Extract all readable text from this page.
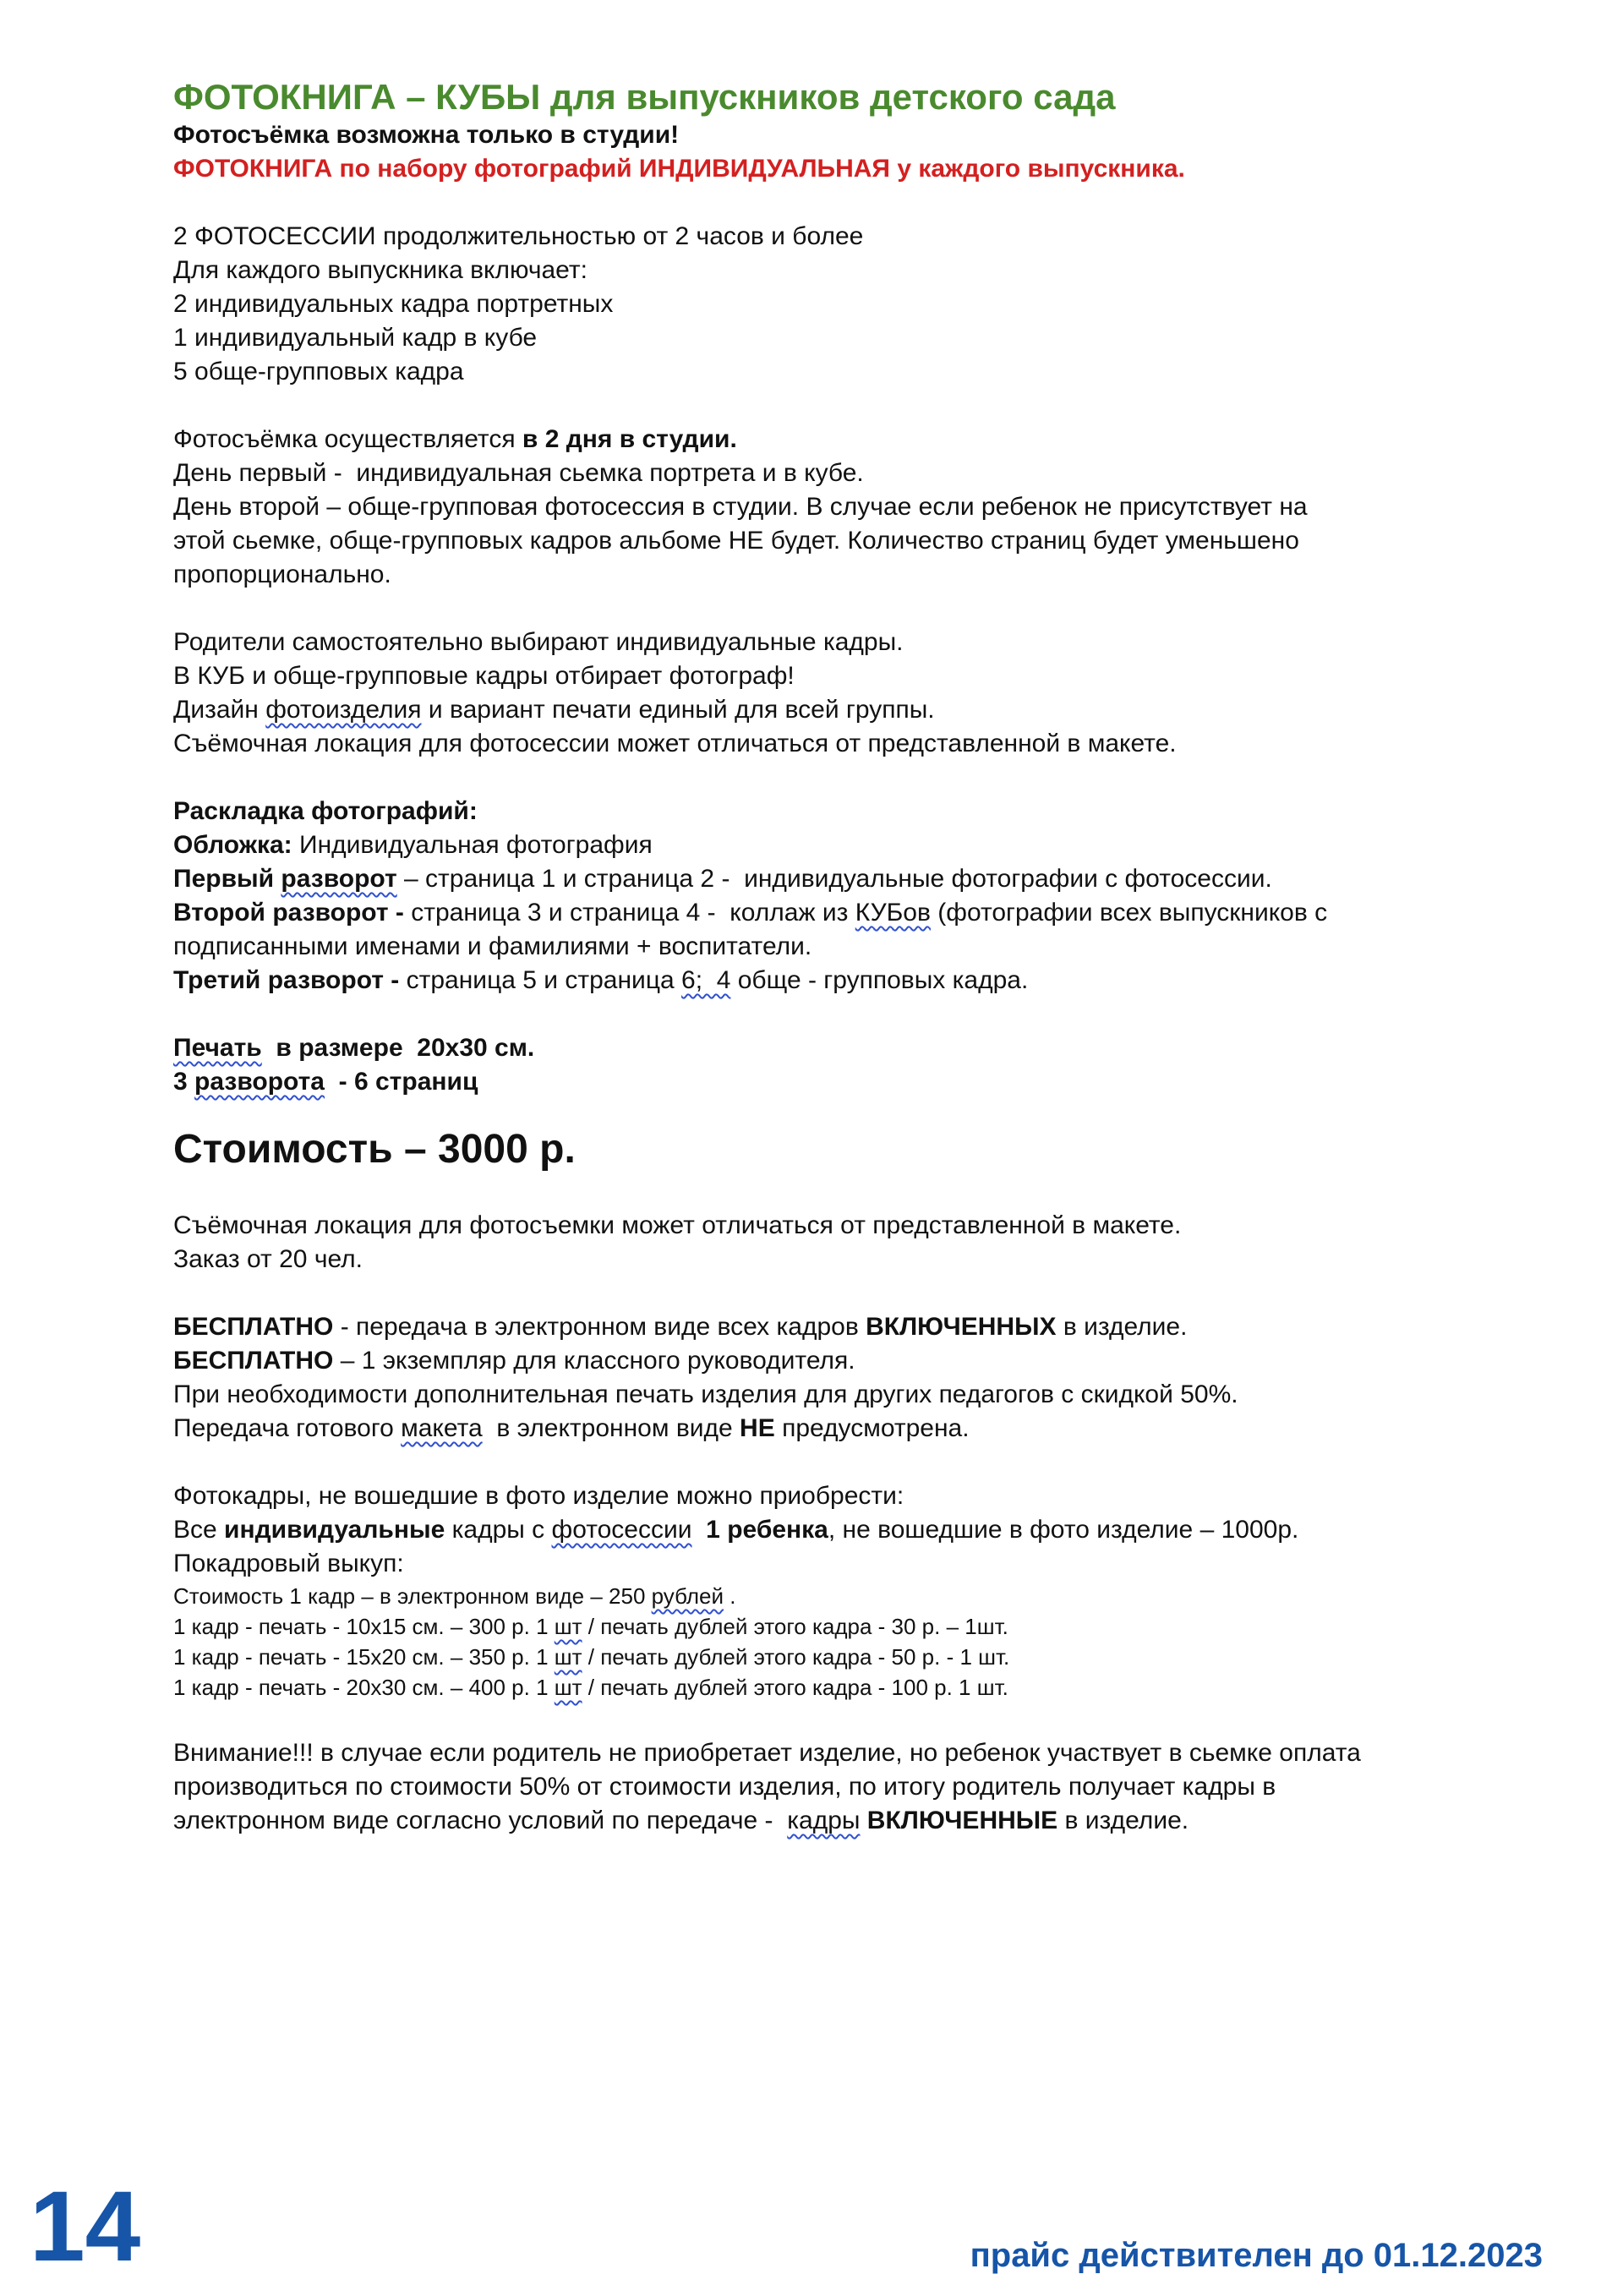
ФОТОКНИГА – КУБЫ для выпускников детского сада

Фотосъёмка возможна только в студии!

ФОТОКНИГА по набору фотографий ИНДИВИДУАЛЬНАЯ у каждого выпускника.

2 ФОТОСЕССИИ продолжительностью от 2 часов и более

Для каждого выпускника включает:

2 индивидуальных кадра портретных

1 индивидуальный кадр в кубе

5 обще-групповых кадра

Фотосъёмка осуществляется в 2 дня в студии.

День первый -  индивидуальная сьемка портрета и в кубе.

День второй – обще-групповая фотосессия в студии. В случае если ребенок не присутствует на

этой сьемке, обще-групповых кадров альбоме НЕ будет. Количество страниц будет уменьшено

пропорционально.

Родители самостоятельно выбирают индивидуальные кадры.

В КУБ и обще-групповые кадры отбирает фотограф!

Дизайн фотоизделия и вариант печати единый для всей группы.

Съёмочная локация для фотосессии может отличаться от представленной в макете.

Раскладка фотографий:

Обложка: Индивидуальная фотография

Первый разворот – страница 1 и страница 2 -  индивидуальные фотографии с фотосессии.

Второй разворот - страница 3 и страница 4 -  коллаж из КУБов (фотографии всех выпускников с

подписанными именами и фамилиями + воспитатели.

Третий разворот - страница 5 и страница 6;  4 обще - групповых кадра.

Печать  в размере  20х30 см.

3 разворота  - 6 страниц

Стоимость – 3000 р.

Съёмочная локация для фотосъемки может отличаться от представленной в макете.

Заказ от 20 чел.

БЕСПЛАТНО - передача в электронном виде всех кадров ВКЛЮЧЕННЫХ в изделие.

БЕСПЛАТНО – 1 экземпляр для классного руководителя.

При необходимости дополнительная печать изделия для других педагогов с скидкой 50%.

Передача готового макета  в электронном виде НЕ предусмотрена.

Фотокадры, не вошедшие в фото изделие можно приобрести:

Все индивидуальные кадры с фотосессии  1 ребенка, не вошедшие в фото изделие – 1000р.

Покадровый выкуп:

Стоимость 1 кадр – в электронном виде – 250 рублей .

1 кадр - печать - 10х15 см. – 300 р. 1 шт / печать дублей этого кадра - 30 р. – 1шт.

1 кадр - печать - 15х20 см. – 350 р. 1 шт / печать дублей этого кадра - 50 р. - 1 шт.

1 кадр - печать - 20х30 см. – 400 р. 1 шт / печать дублей этого кадра - 100 р. 1 шт.

Внимание!!! в случае если родитель не приобретает изделие, но ребенок участвует в сьемке оплата

производиться по стоимости 50% от стоимости изделия, по итогу родитель получает кадры в

электронном виде согласно условий по передаче -  кадры ВКЛЮЧЕННЫЕ в изделие.

14	прайс действителен до 01.12.2023
